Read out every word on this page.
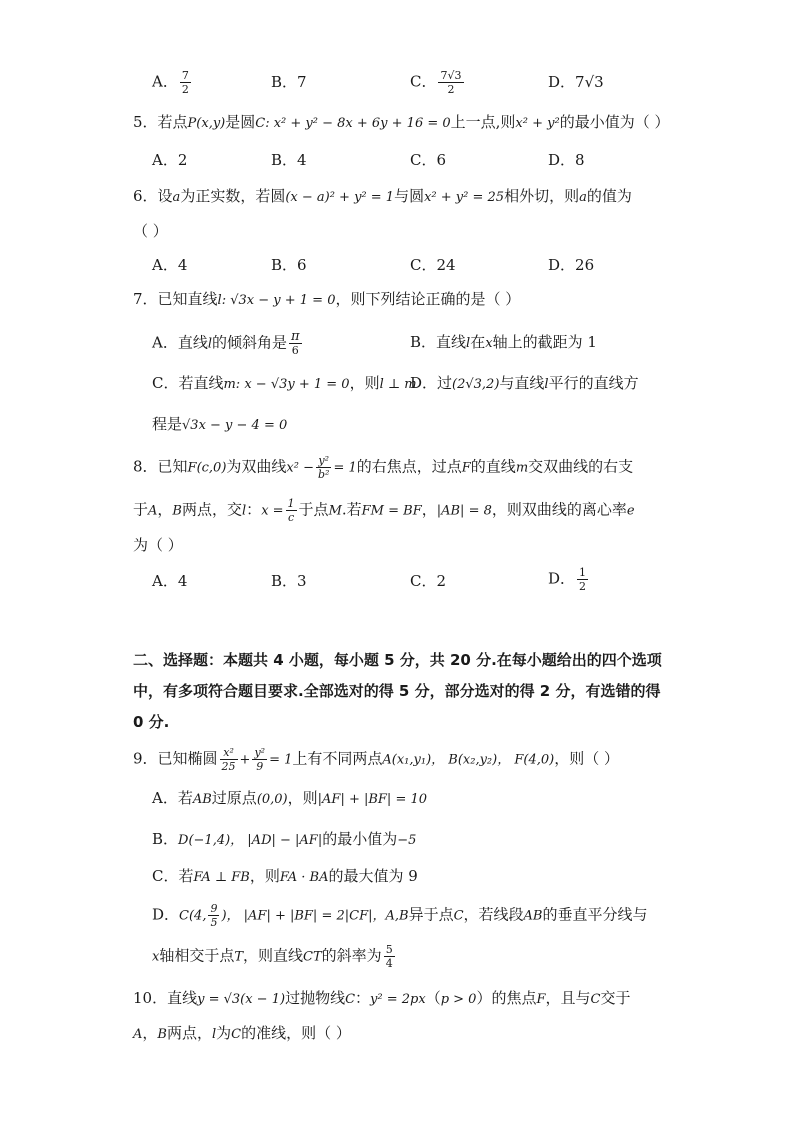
A． $\frac{7}{2}$	B．7	C． $\frac{7√3}{2}$	D．7√3
5．若点P(x,y)是圆C: x² + y² − 8x + 6y + 16 = 0上一点,则x² + y²的最小值为（ ）
A．2	B．4	C．6	D．8
6．设a为正实数，若圆(x − a)² + y² = 1与圆x² + y² = 25相外切，则a的值为
（ ）
A．4	B．6	C．24	D．26
7．已知直线l: √3x − y + 1 = 0，则下列结论正确的是（ ）
A．直线l的倾斜角是 $\frac{\pi}{6}$	B．直线l在x轴上的截距为 1
C．若直线m: x − √3y + 1 = 0，则l ⊥ m
D．过(2√3,2)与直线l平行的直线方
程是√3x − y − 4 = 0
8．已知F(c,0)为双曲线$x^2 - \frac{\text{y²}}{\text{b²}} = 1$的右焦点，过点F的直线m交双曲线的右支
于A，B两点，交l：$x = \frac{1}{c}$ 于点M.若FM = BF，|AB| = 8，则双曲线的离心率e
为（ ）
A．4	B．3	C．2	D． $\frac{1}{2}$
二、选择题：本题共 4 小题，每小题 5 分，共 20 分.在每小题给出的四个选项中，有多项符合题目要求.全部选对的得 5 分，部分选对的得 2 分，有选错的得 0 分.
9．已知椭圆 $\frac{\text{x²}}{25} + \frac{\text{y²}}{9} = 1$上有不同两点A(x₁,y₁)， B(x₂,y₂)， F(4,0)，则（ ）
A．若AB过原点(0,0)，则|AF| + |BF| = 10
B．D(−1,4)， |AD| − |AF|的最小值为−5
C．若FA ⊥ FB，则FA · BA的最大值为 9
D．C(4, $\frac{9}{5}$ )， |AF| + |BF| = 2|CF|，A,B异于点C，若线段AB的垂直平分线与
x轴相交于点T，则直线CT的斜率为 $\frac{5}{4}$
10．直线y = √3(x − 1)过抛物线C：y² = 2px（p > 0）的焦点F，且与C交于
A，B两点，l为C的准线，则（ ）
